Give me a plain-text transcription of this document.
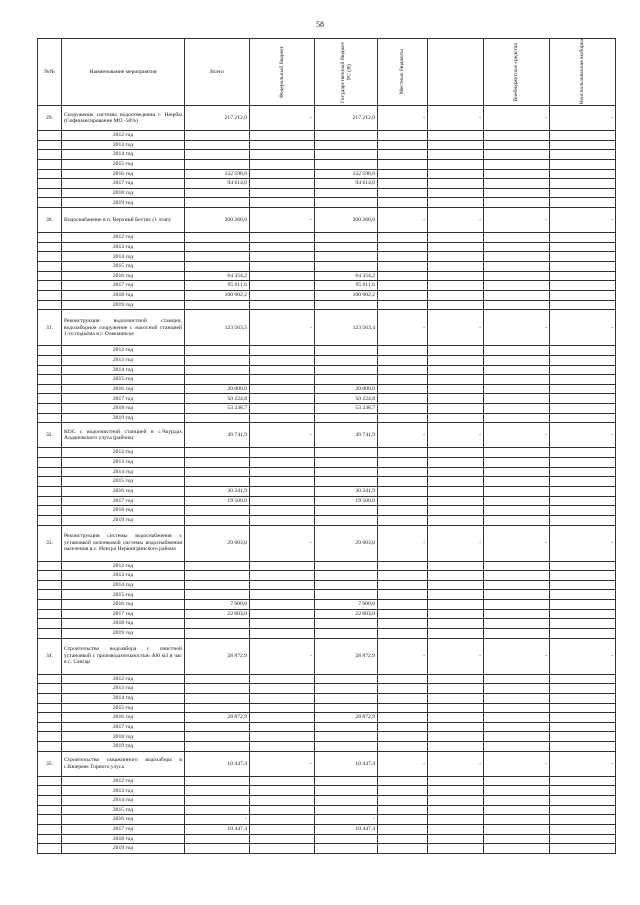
58
№№	Наименование мероприятия	Всего	Федеральный бюджет	Государственный бюджет РС (Я)	Местные бюджеты		Внебюджетные средства	Неиспользованная выборка

29.	Сооружение системы водоотведения г. Нюрбы (Софинансирование МО -50%)	217 212,0	-	217 212,0	-	-	-	-
	2012 год							
	2013 год							
	2014 год							
	2015 год							
	2016 год	122 598,0		122 598,0				
	2017 год	94 614,0		94 614,0				
	2018 год							
	2019 год							
30.	Водоснабжение в п. Верхний Бестях (1 этап)	260 268,0	-	260 268,0	-	-	-	-
	2012 год							
	2013 год							
	2014 год							
	2015 год							
	2016 год	64 354,2		64 354,2				
	2017 год	95 011,6		95 011,6				
	2018 год	100 902,2		100 902,2				
	2019 год							
31.	Реконструкция водоочистной станции, водозаборное сооружение с насосной станцией 1-го подъёма в г. Олекминске	123 563,5	-	123 563,4	-	-	-	-
	2012 год							
	2013 год							
	2014 год							
	2015 год							
	2016 год	20 000,0		20 000,0				
	2017 год	50 224,8		50 224,8				
	2018 год	53 338,7		53 338,7				
	2019 год							
32.	КОС с водоочистной станцией в с.Чкурдах Алдановского улуса (района)	49 741,9	-	49 741,9	-	-	-	-
	2012 год							
	2013 год							
	2014 год							
	2015 год							
	2016 год	30 241,9		30 241,9				
	2017 год	19 500,0		19 500,0				
	2018 год							
	2019 год							
33.	Реконструкция системы водоснабжения с установкой колонковой системы водоснабжения населения в с. Иенгра Нерюнгринского района	29 003,0	-	29 003,0	-	-	-	-
	2012 год							
	2013 год							
	2014 год							
	2015 год							
	2016 год	7 000,0		7 000,0				
	2017 год	22 003,0		22 003,0				
	2018 год							
	2019 год							
34.	Строительство водозабора с очистной установкой с производительностью 400 м3 в час в с. Сангар	28 872,9	-	28 872,9	-	-	-	-
	2012 год							
	2013 год							
	2014 год							
	2015 год							
	2016 год	28 872,9		28 872,9				
	2017 год							
	2018 год							
	2019 год							
35.	Строительство скважинного водозабора в с.Кюереях Горного улуса	10 447,4	-	10 447,4	-	-	-	-
	2012 год							
	2013 год							
	2014 год							
	2015 год							
	2016 год	-		-				
	2017 год	10 447,4		10 447,4				
	2018 год							
	2019 год							
